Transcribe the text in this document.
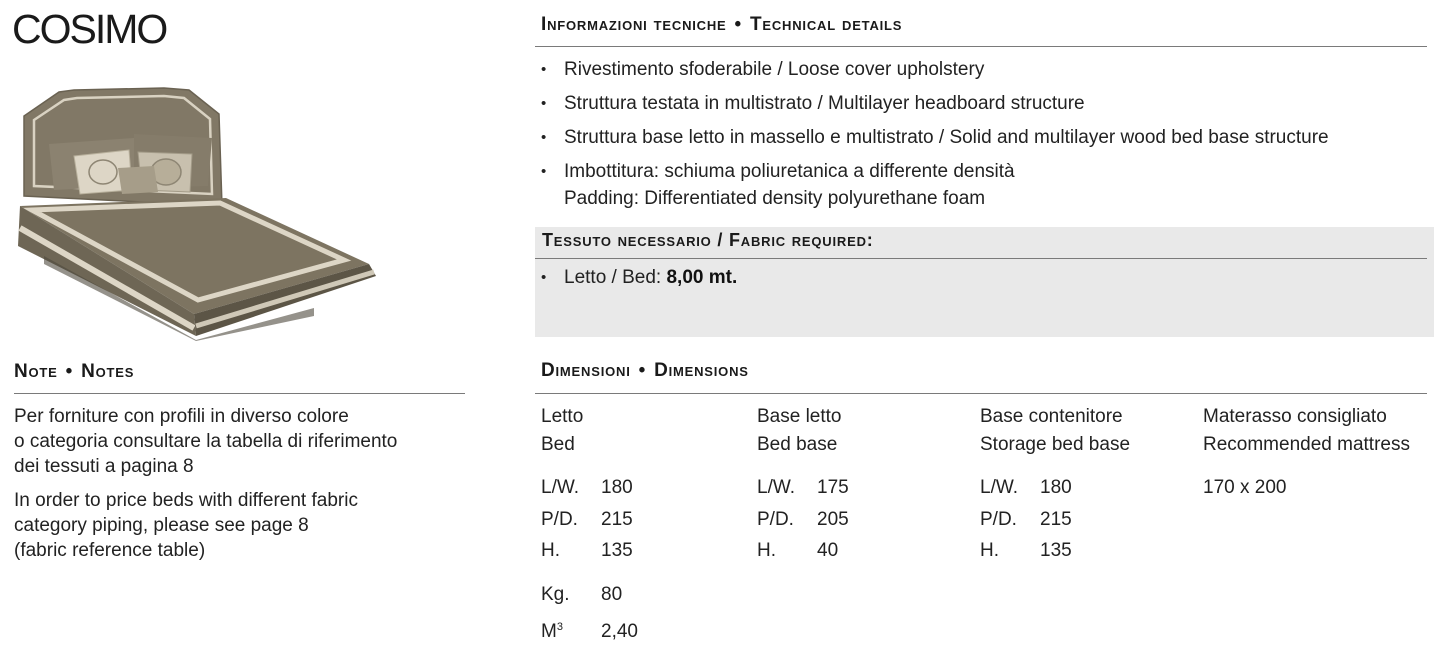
COSIMO
Note • Notes
Per forniture con profili in diverso colore
o categoria consultare la tabella di riferimento
dei tessuti a pagina 8
In order to price beds with different fabric
category piping, please see page 8
(fabric reference table)
Informazioni tecniche • Technical details
• Rivestimento sfoderabile / Loose cover upholstery
• Struttura testata in multistrato / Multilayer headboard structure
• Struttura base letto in massello e multistrato / Solid and multilayer wood bed base structure
• Imbottitura: schiuma poliuretanica a differente densità
Padding: Differentiated density polyurethane foam
Tessuto necessario / Fabric required:
• Letto / Bed: 8,00 mt.
Dimensioni • Dimensions
Letto
Bed
L/W. 180
P/D. 215
H. 135
Kg. 80
$M^3$ 2,40
Base letto
Bed base
L/W. 175
P/D. 205
H. 40
Base contenitore
Storage bed base
L/W. 180
P/D. 215
H. 135
Materasso consigliato
Recommended mattress
170 x 200
